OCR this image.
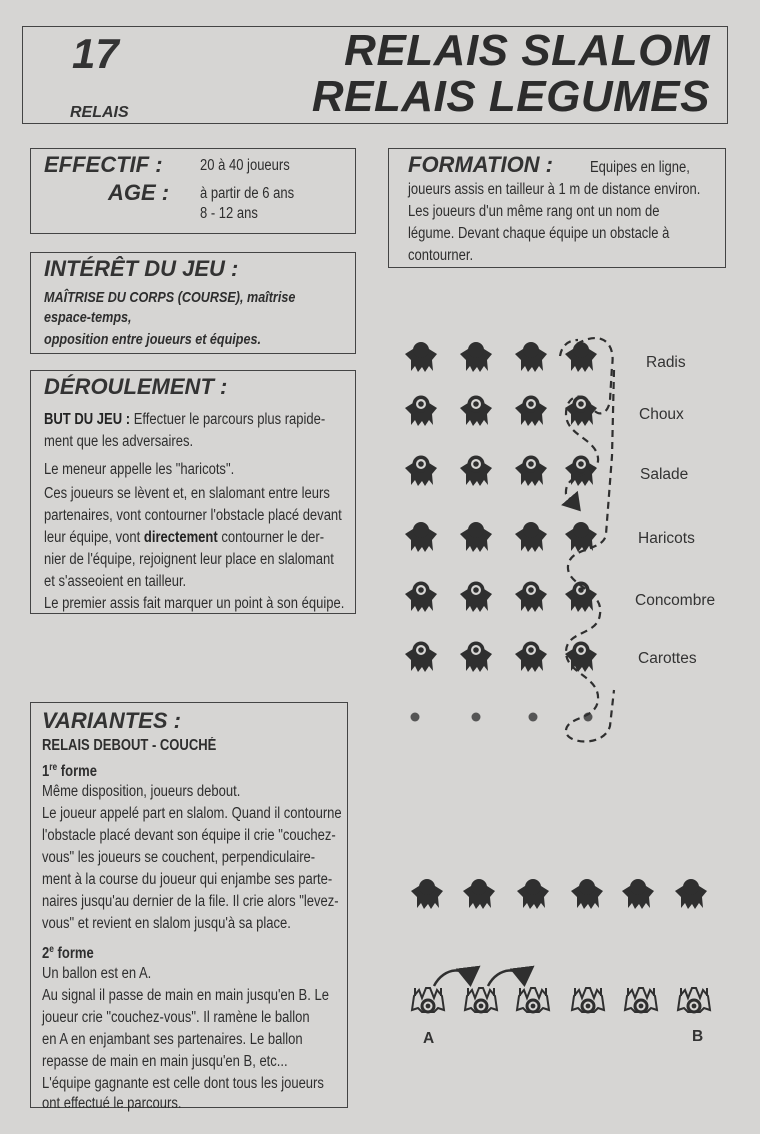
17
RELAIS
RELAIS SLALOM
RELAIS LEGUMES
EFFECTIF : 20 à 40 joueurs
AGE : à partir de 6 ans
8 - 12 ans
FORMATION : Equipes en ligne,
joueurs assis en tailleur à 1 m de distance environ.
Les joueurs d'un même rang ont un nom de
légume. Devant chaque équipe un obstacle à
contourner.
INTÉRÊT DU JEU :
MAÎTRISE DU CORPS (COURSE), maîtrise
espace-temps,
opposition entre joueurs et équipes.
DÉROULEMENT :
BUT DU JEU : Effectuer le parcours plus rapide-
ment que les adversaires.
Le meneur appelle les "haricots".
Ces joueurs se lèvent et, en slalomant entre leurs
partenaires, vont contourner l'obstacle placé devant
leur équipe, vont directement contourner le der-
nier de l'équipe, rejoignent leur place en slalomant
et s'asseoient en tailleur.
Le premier assis fait marquer un point à son équipe.
VARIANTES :
RELAIS DEBOUT - COUCHÉ
1re forme
Même disposition, joueurs debout.
Le joueur appelé part en slalom. Quand il contourne
l'obstacle placé devant son équipe il crie "couchez-
vous" les joueurs se couchent, perpendiculaire-
ment à la course du joueur qui enjambe ses parte-
naires jusqu'au dernier de la file. Il crie alors "levez-
vous" et revient en slalom jusqu'à sa place.
2e forme
Un ballon est en A.
Au signal il passe de main en main jusqu'en B. Le
joueur crie "couchez-vous". Il ramène le ballon
en A en enjambant ses partenaires. Le ballon
repasse de main en main jusqu'en B, etc...
L'équipe gagnante est celle dont tous les joueurs
ont effectué le parcours.
Radis
Choux
Salade
Haricots
Concombre
Carottes
A	B
